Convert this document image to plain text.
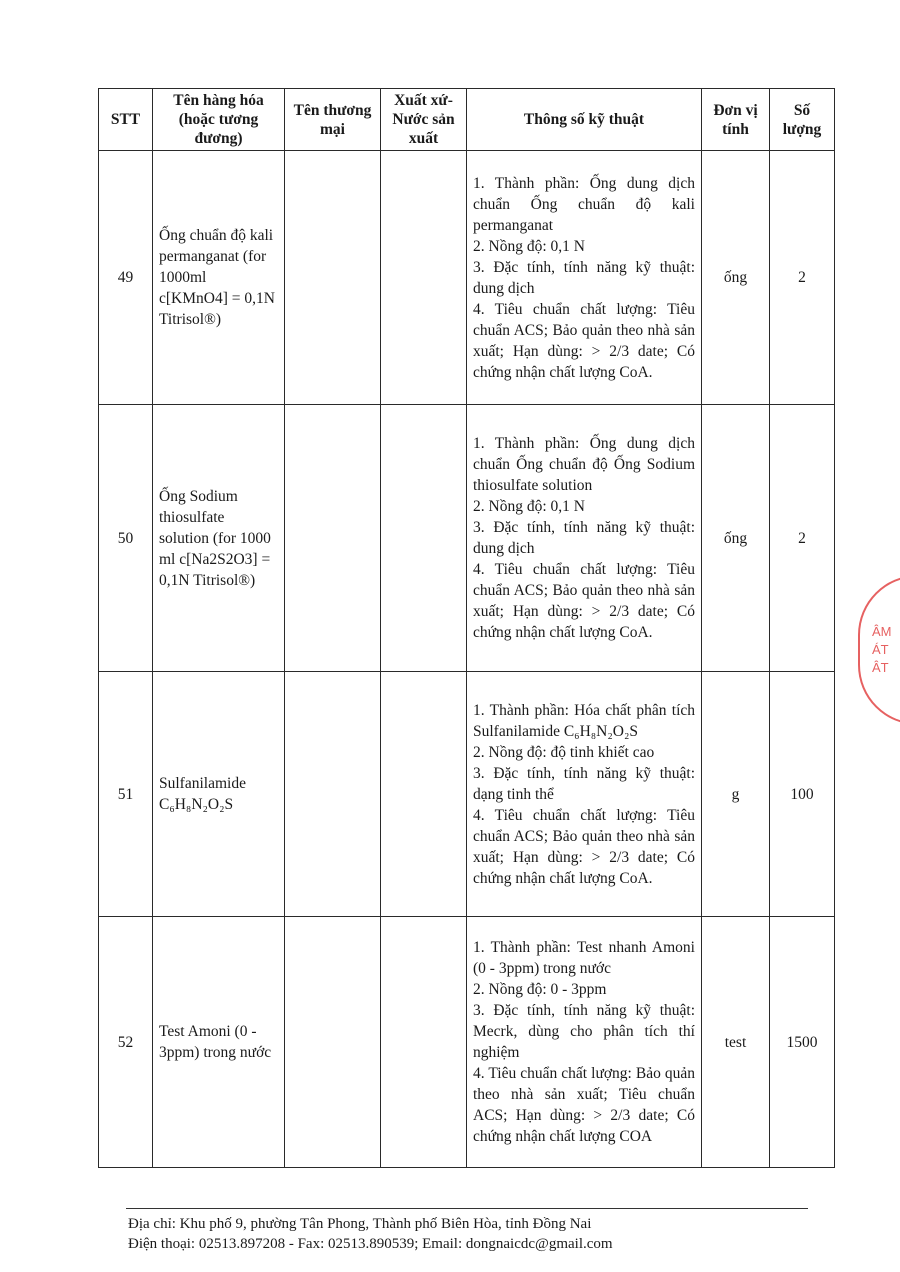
STT	Tên hàng hóa (hoặc tương đương)	Tên thương mại	Xuất xứ- Nước sản xuất	Thông số kỹ thuật	Đơn vị tính	Số lượng
49	Ống chuẩn độ kali permanganat (for 1000ml c[KMnO4] = 0,1N Titrisol®)			1. Thành phần: Ống dung dịch chuẩn Ống chuẩn độ kali permanganat
2. Nồng độ: 0,1 N
3. Đặc tính, tính năng kỹ thuật: dung dịch
4. Tiêu chuẩn chất lượng: Tiêu chuẩn ACS; Bảo quản theo nhà sản xuất; Hạn dùng: > 2/3 date; Có chứng nhận chất lượng CoA.	ống	2
50	Ống Sodium thiosulfate solution (for 1000 ml c[Na2S2O3] = 0,1N Titrisol®)			1. Thành phần: Ống dung dịch chuẩn Ống chuẩn độ Ống Sodium thiosulfate solution
2. Nồng độ: 0,1 N
3. Đặc tính, tính năng kỹ thuật: dung dịch
4. Tiêu chuẩn chất lượng: Tiêu chuẩn ACS; Bảo quản theo nhà sản xuất; Hạn dùng: > 2/3 date; Có chứng nhận chất lượng CoA.	ống	2
51	Sulfanilamide C₆H₈N₂O₂S			1. Thành phần: Hóa chất phân tích Sulfanilamide C₆H₈N₂O₂S
2. Nồng độ: độ tinh khiết cao
3. Đặc tính, tính năng kỹ thuật: dạng tinh thể
4. Tiêu chuẩn chất lượng: Tiêu chuẩn ACS; Bảo quản theo nhà sản xuất; Hạn dùng: > 2/3 date; Có chứng nhận chất lượng CoA.	g	100
52	Test Amoni (0 - 3ppm) trong nước			1. Thành phần: Test nhanh Amoni (0 - 3ppm) trong nước
2. Nồng độ: 0 - 3ppm
3. Đặc tính, tính năng kỹ thuật: Mecrk, dùng cho phân tích thí nghiệm
4. Tiêu chuẩn chất lượng: Bảo quản theo nhà sản xuất; Tiêu chuẩn ACS; Hạn dùng: > 2/3 date; Có chứng nhận chất lượng COA	test	1500
ÂM
ÁT
ÂT
Địa chỉ: Khu phố 9, phường Tân Phong, Thành phố Biên Hòa, tỉnh Đồng Nai
Điện thoại: 02513.897208 - Fax: 02513.890539; Email: dongnaicdc@gmail.com
